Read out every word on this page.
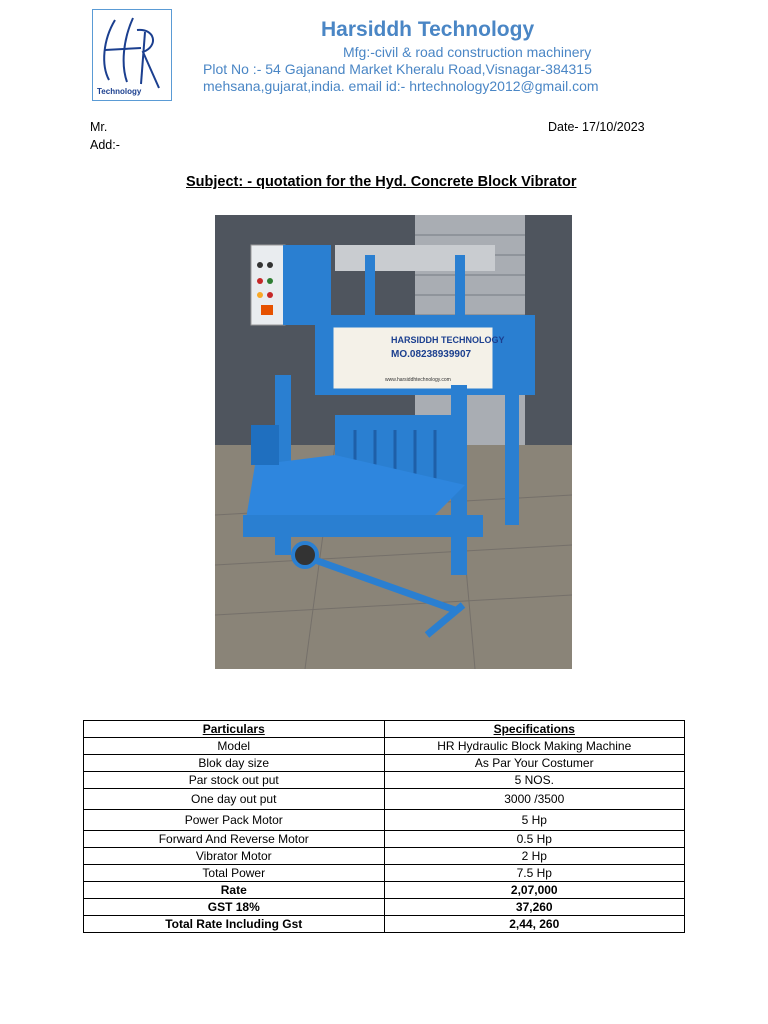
Technology
Harsiddh Technology
Mfg:-civil & road construction machinery
Plot No :- 54 Gajanand Market Kheralu Road,Visnagar-384315
mehsana,gujarat,india. email id:- hrtechnology2012@gmail.com
Mr.
Add:-
Date- 17/10/2023
Subject: - quotation for the Hyd. Concrete Block Vibrator
HARSIDDH TECHNOLOGY
MO.08238939907
www.harsiddhtechnology.com
Particulars	Specifications
Model	HR Hydraulic Block Making Machine
Blok day size	As Par Your Costumer
Par stock out put	5 NOS.
One day out put	3000 /3500
Power Pack Motor	5 Hp
Forward And Reverse Motor	0.5 Hp
Vibrator Motor	2 Hp
Total Power	7.5 Hp
Rate	2,07,000
GST 18%	37,260
Total Rate Including Gst	2,44, 260
